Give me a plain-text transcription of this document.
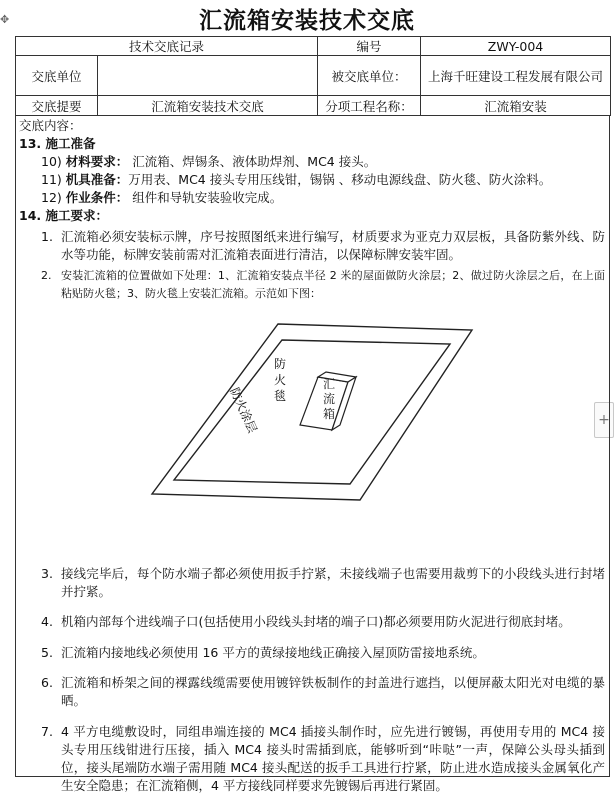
汇流箱安装技术交底
✥
+
技术交底记录		编号	ZWY-004
交底单位		被交底单位：	上海千旺建设工程发展有限公司
交底提要	汇流箱安装技术交底	分项工程名称：	汇流箱安装

交底内容：

13. 施工准备

10) 材料要求： 汇流箱、焊锡条、液体助焊剂、MC4 接头。

11) 机具准备：万用表、MC4 接头专用压线钳，锡锅 、移动电源线盘、防火毯、防火涂料。

12) 作业条件： 组件和导轨安装验收完成。

14. 施工要求：

1. 汇流箱必须安装标示牌，序号按照图纸来进行编写，材质要求为亚克力双层板，具备防紫外线、防水等功能，标牌安装前需对汇流箱表面进行清洁，以保障标牌安装牢固。

2. 安装汇流箱的位置做如下处理：1、汇流箱安装点半径 2 米的屋面做防火涂层；2、做过防火涂层之后，在上面粘贴防火毯；3、防火毯上安装汇流箱。示范如下图：

汇 流 箱
防 火 毯
防火涂层

3. 接线完毕后，每个防水端子都必须使用扳手拧紧，未接线端子也需要用裁剪下的小段线头进行封堵并拧紧。

4. 机箱内部每个进线端子口(包括使用小段线头封堵的端子口)都必须要用防火泥进行彻底封堵。

5. 汇流箱内接地线必须使用 16 平方的黄绿接地线正确接入屋顶防雷接地系统。

6. 汇流箱和桥架之间的裸露线缆需要使用镀锌铁板制作的封盖进行遮挡，以便屏蔽太阳光对电缆的暴晒。

7. 4 平方电缆敷设时，同组串端连接的 MC4 插接头制作时，应先进行镀锡，再使用专用的 MC4 接头专用压线钳进行压接，插入 MC4 接头时需插到底，能够听到“咔哒”一声，保障公头母头插到位，接头尾端防水端子需用随 MC4 接头配送的扳手工具进行拧紧，防止进水造成接头金属氧化产生安全隐患；在汇流箱侧，4 平方接线同样要求先镀锡后再进行紧固。
